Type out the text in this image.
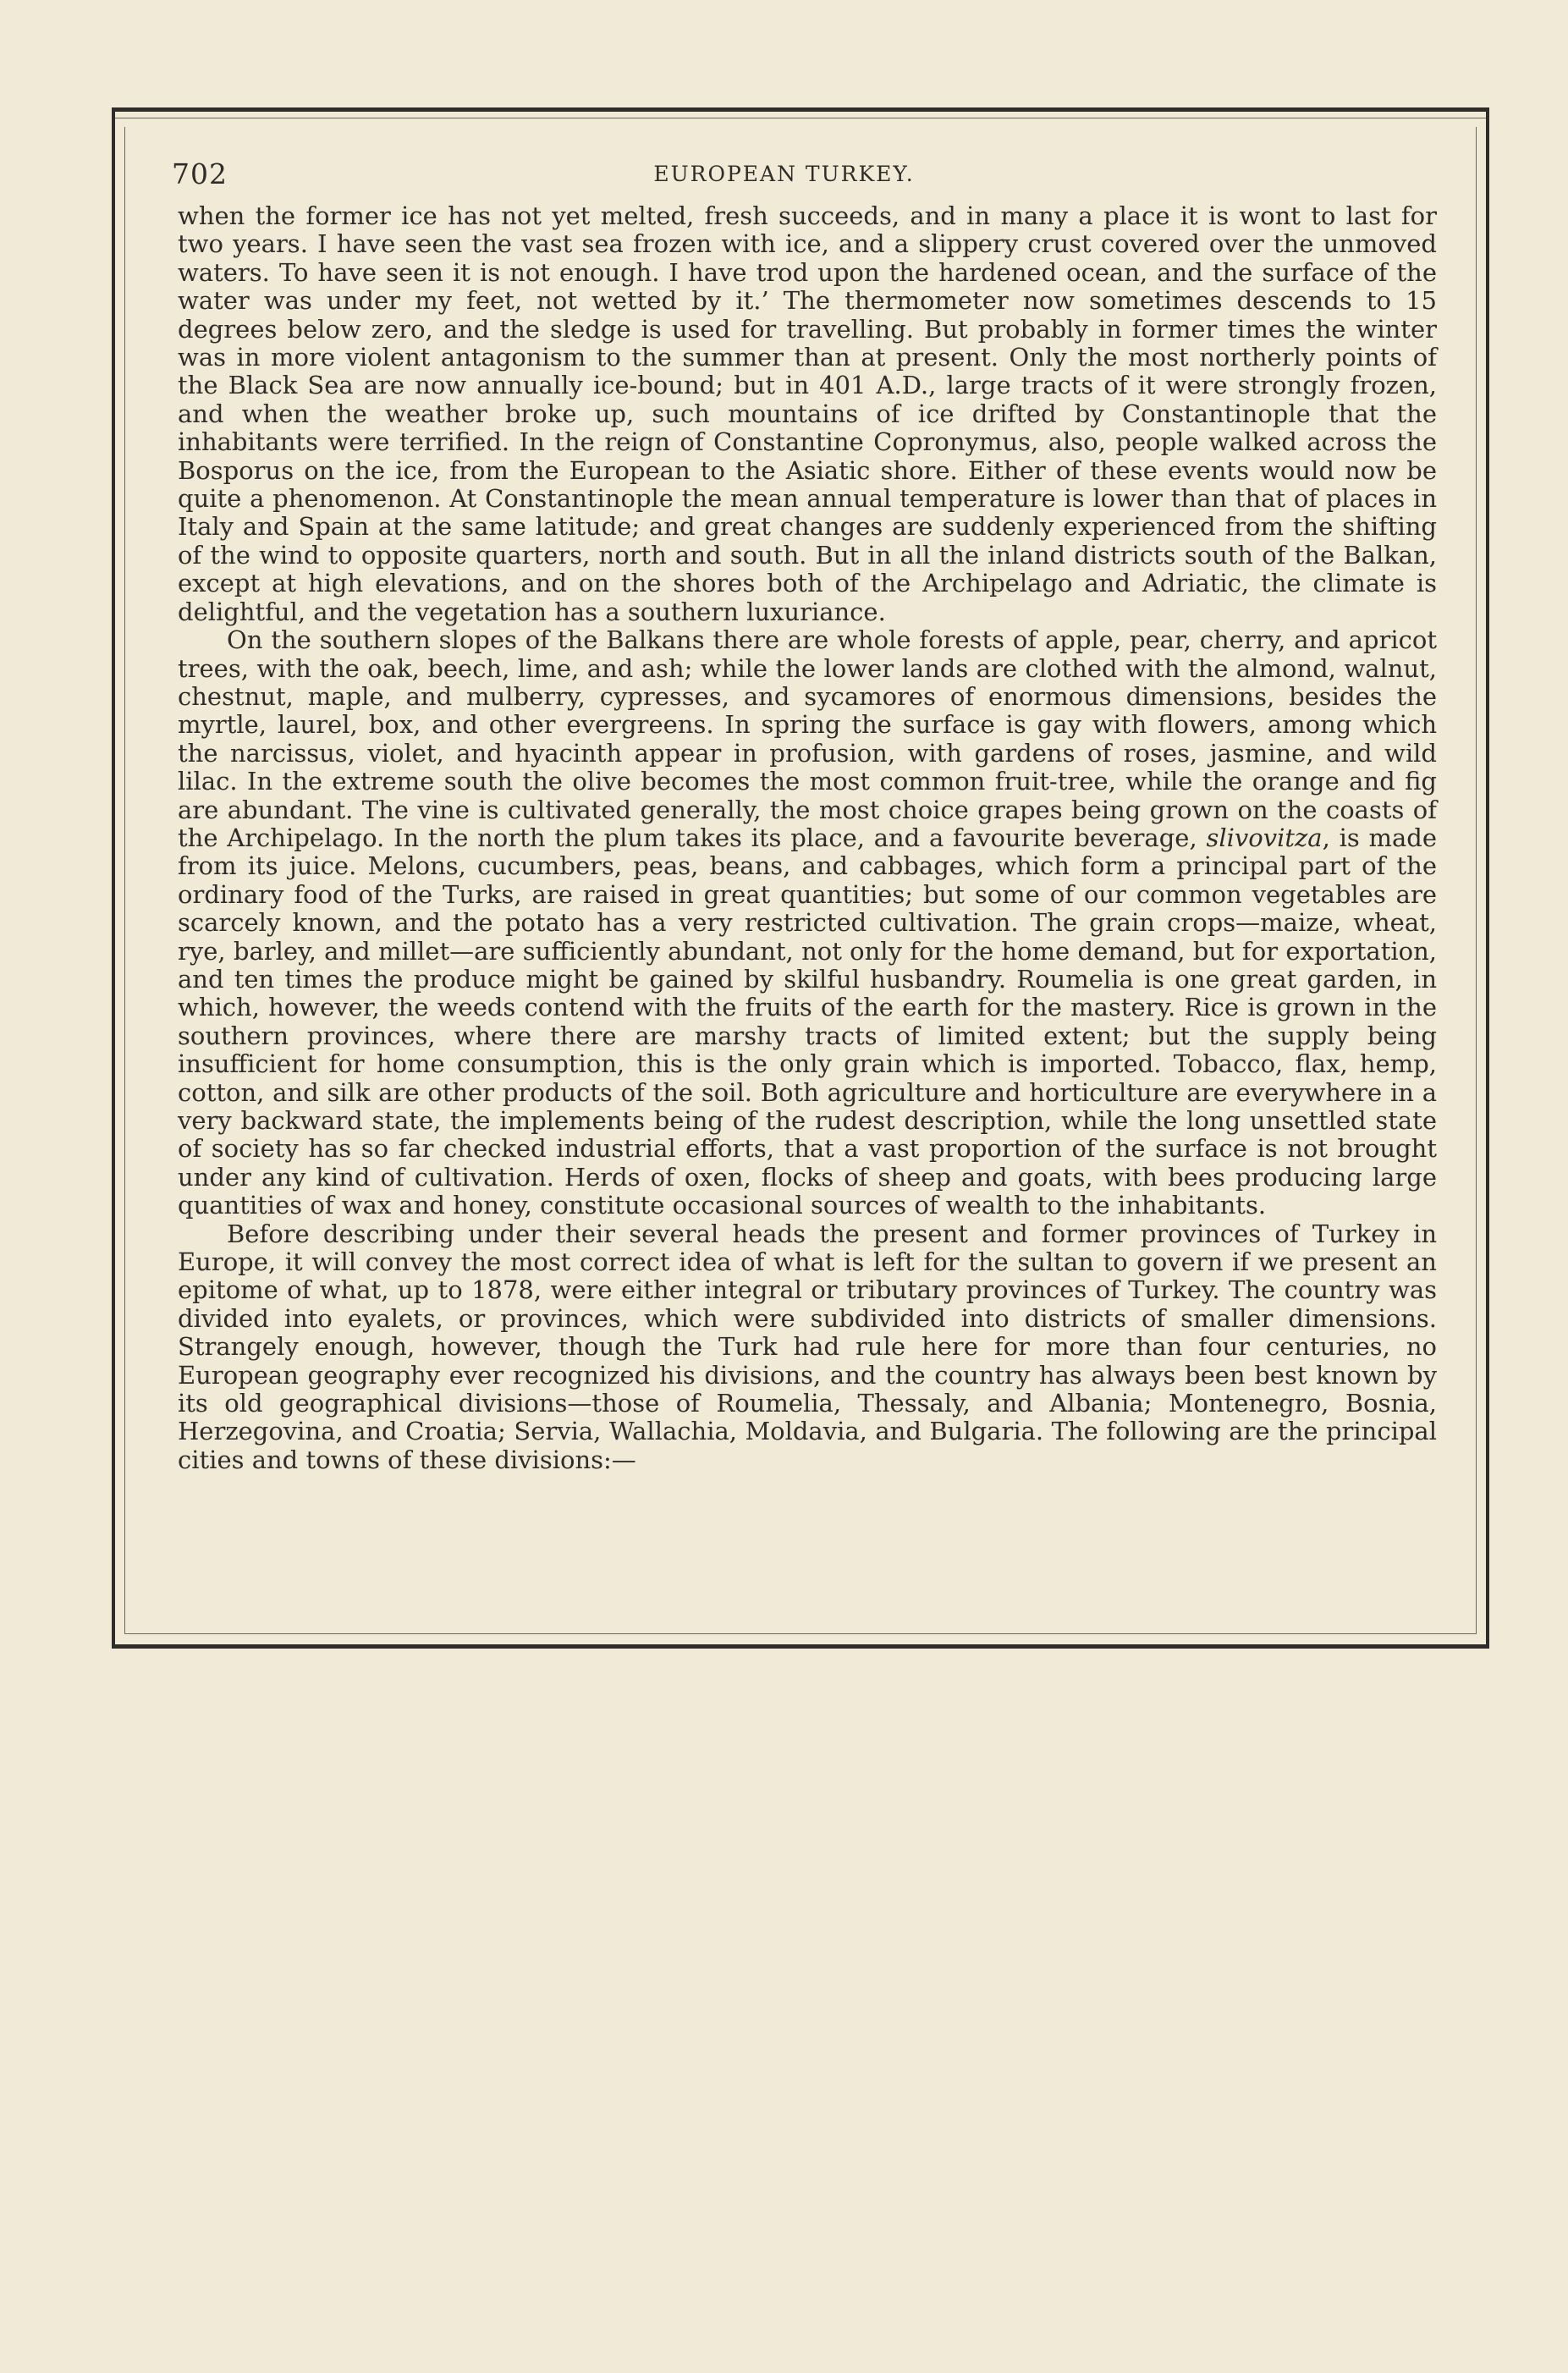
702	EUROPEAN TURKEY.

when the former ice has not yet melted, fresh succeeds, and in many a place it is wont to last for two years. I have seen the vast sea frozen with ice, and a slippery crust covered over the unmoved waters. To have seen it is not enough. I have trod upon the hardened ocean, and the surface of the water was under my feet, not wetted by it.’ The thermometer now sometimes descends to 15 degrees below zero, and the sledge is used for travelling. But probably in former times the winter was in more violent antagonism to the summer than at present. Only the most northerly points of the Black Sea are now annually ice-bound; but in 401 A.D., large tracts of it were strongly frozen, and when the weather broke up, such mountains of ice drifted by Constantinople that the inhabitants were terrified. In the reign of Constantine Copronymus, also, people walked across the Bosporus on the ice, from the European to the Asiatic shore. Either of these events would now be quite a phenomenon. At Constantinople the mean annual temperature is lower than that of places in Italy and Spain at the same latitude; and great changes are suddenly experienced from the shifting of the wind to opposite quarters, north and south. But in all the inland districts south of the Balkan, except at high elevations, and on the shores both of the Archipelago and Adriatic, the climate is delightful, and the vegetation has a southern luxuriance.

On the southern slopes of the Balkans there are whole forests of apple, pear, cherry, and apricot trees, with the oak, beech, lime, and ash; while the lower lands are clothed with the almond, walnut, chestnut, maple, and mulberry, cypresses, and sycamores of enormous dimensions, besides the myrtle, laurel, box, and other evergreens. In spring the surface is gay with flowers, among which the narcissus, violet, and hyacinth appear in profusion, with gardens of roses, jasmine, and wild lilac. In the extreme south the olive becomes the most common fruit-tree, while the orange and fig are abundant. The vine is cultivated generally, the most choice grapes being grown on the coasts of the Archipelago. In the north the plum takes its place, and a favourite beverage, slivovitza, is made from its juice. Melons, cucumbers, peas, beans, and cabbages, which form a principal part of the ordinary food of the Turks, are raised in great quantities; but some of our common vegetables are scarcely known, and the potato has a very restricted cultivation. The grain crops—maize, wheat, rye, barley, and millet—are sufficiently abundant, not only for the home demand, but for exportation, and ten times the produce might be gained by skilful husbandry. Roumelia is one great garden, in which, however, the weeds contend with the fruits of the earth for the mastery. Rice is grown in the southern provinces, where there are marshy tracts of limited extent; but the supply being insufficient for home consumption, this is the only grain which is imported. Tobacco, flax, hemp, cotton, and silk are other products of the soil. Both agriculture and horticulture are everywhere in a very backward state, the implements being of the rudest description, while the long unsettled state of society has so far checked industrial efforts, that a vast proportion of the surface is not brought under any kind of cultivation. Herds of oxen, flocks of sheep and goats, with bees producing large quantities of wax and honey, constitute occasional sources of wealth to the inhabitants.

Before describing under their several heads the present and former provinces of Turkey in Europe, it will convey the most correct idea of what is left for the sultan to govern if we present an epitome of what, up to 1878, were either integral or tributary provinces of Turkey. The country was divided into eyalets, or provinces, which were subdivided into districts of smaller dimensions. Strangely enough, however, though the Turk had rule here for more than four centuries, no European geography ever recognized his divisions, and the country has always been best known by its old geographical divisions—those of Roumelia, Thessaly, and Albania; Montenegro, Bosnia, Herzegovina, and Croatia; Servia, Wallachia, Moldavia, and Bulgaria. The following are the principal cities and towns of these divisions:—
